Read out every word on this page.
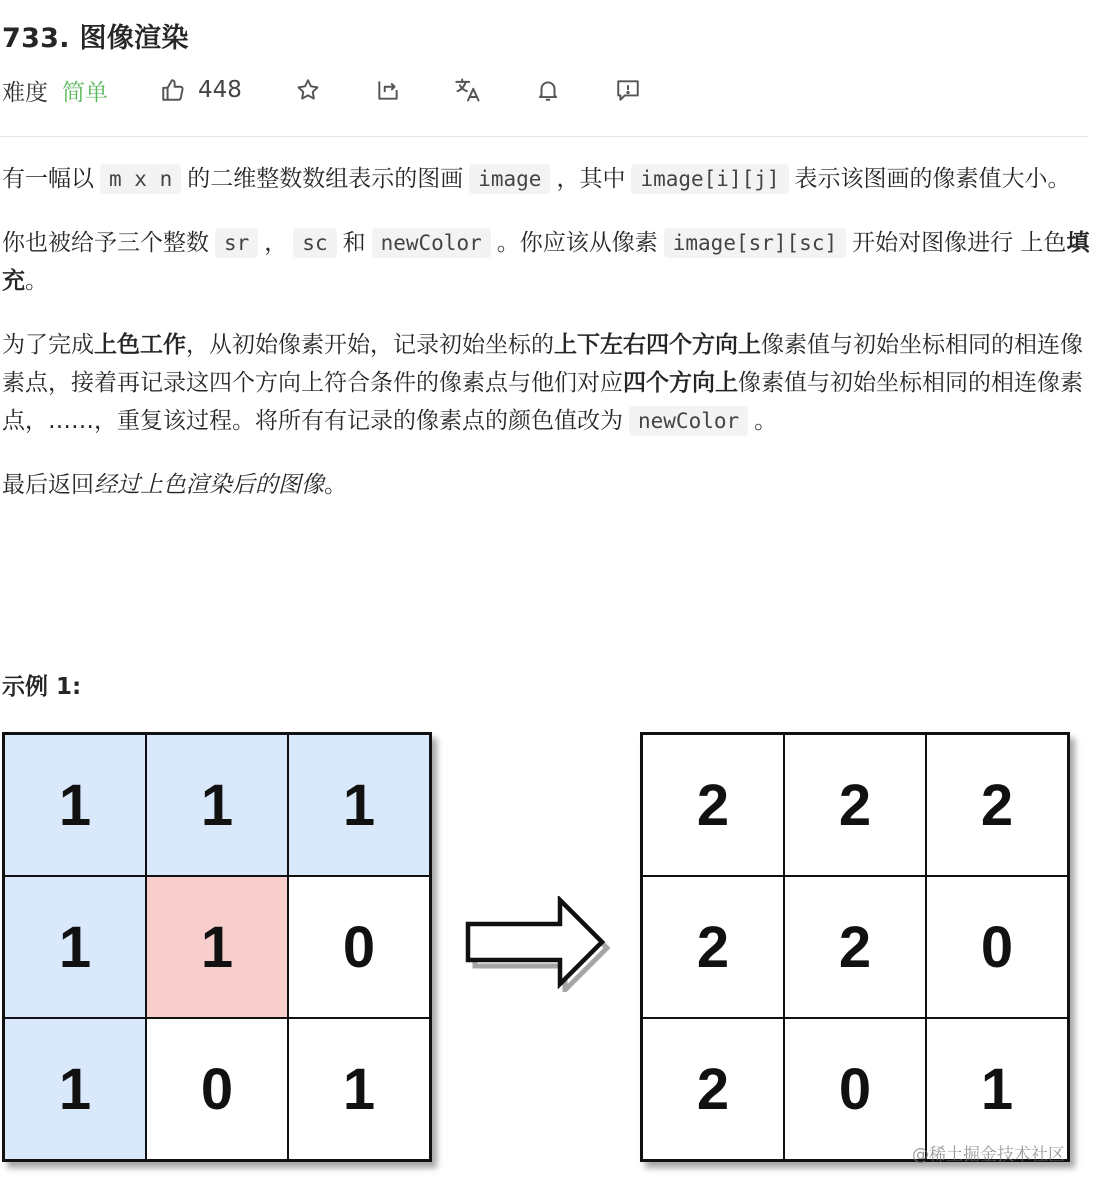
733. 图像渲染
难度 简单	448

有一幅以 m x n 的二维整数数组表示的图画 image ，其中 image[i][j] 表示该图画的像素值大小。

你也被给予三个整数 sr ， sc 和 newColor 。你应该从像素 image[sr][sc] 开始对图像进行 上色填充。

为了完成上色工作，从初始像素开始，记录初始坐标的上下左右四个方向上像素值与初始坐标相同的相连像素点，接着再记录这四个方向上符合条件的像素点与他们对应四个方向上像素值与初始坐标相同的相连像素点，……，重复该过程。将所有有记录的像素点的颜色值改为 newColor 。

最后返回经过上色渲染后的图像。

示例 1:
1	1	1
1	1	0
1	0	1
2	2	2
2	2	0
2	0	1
@稀土掘金技术社区
